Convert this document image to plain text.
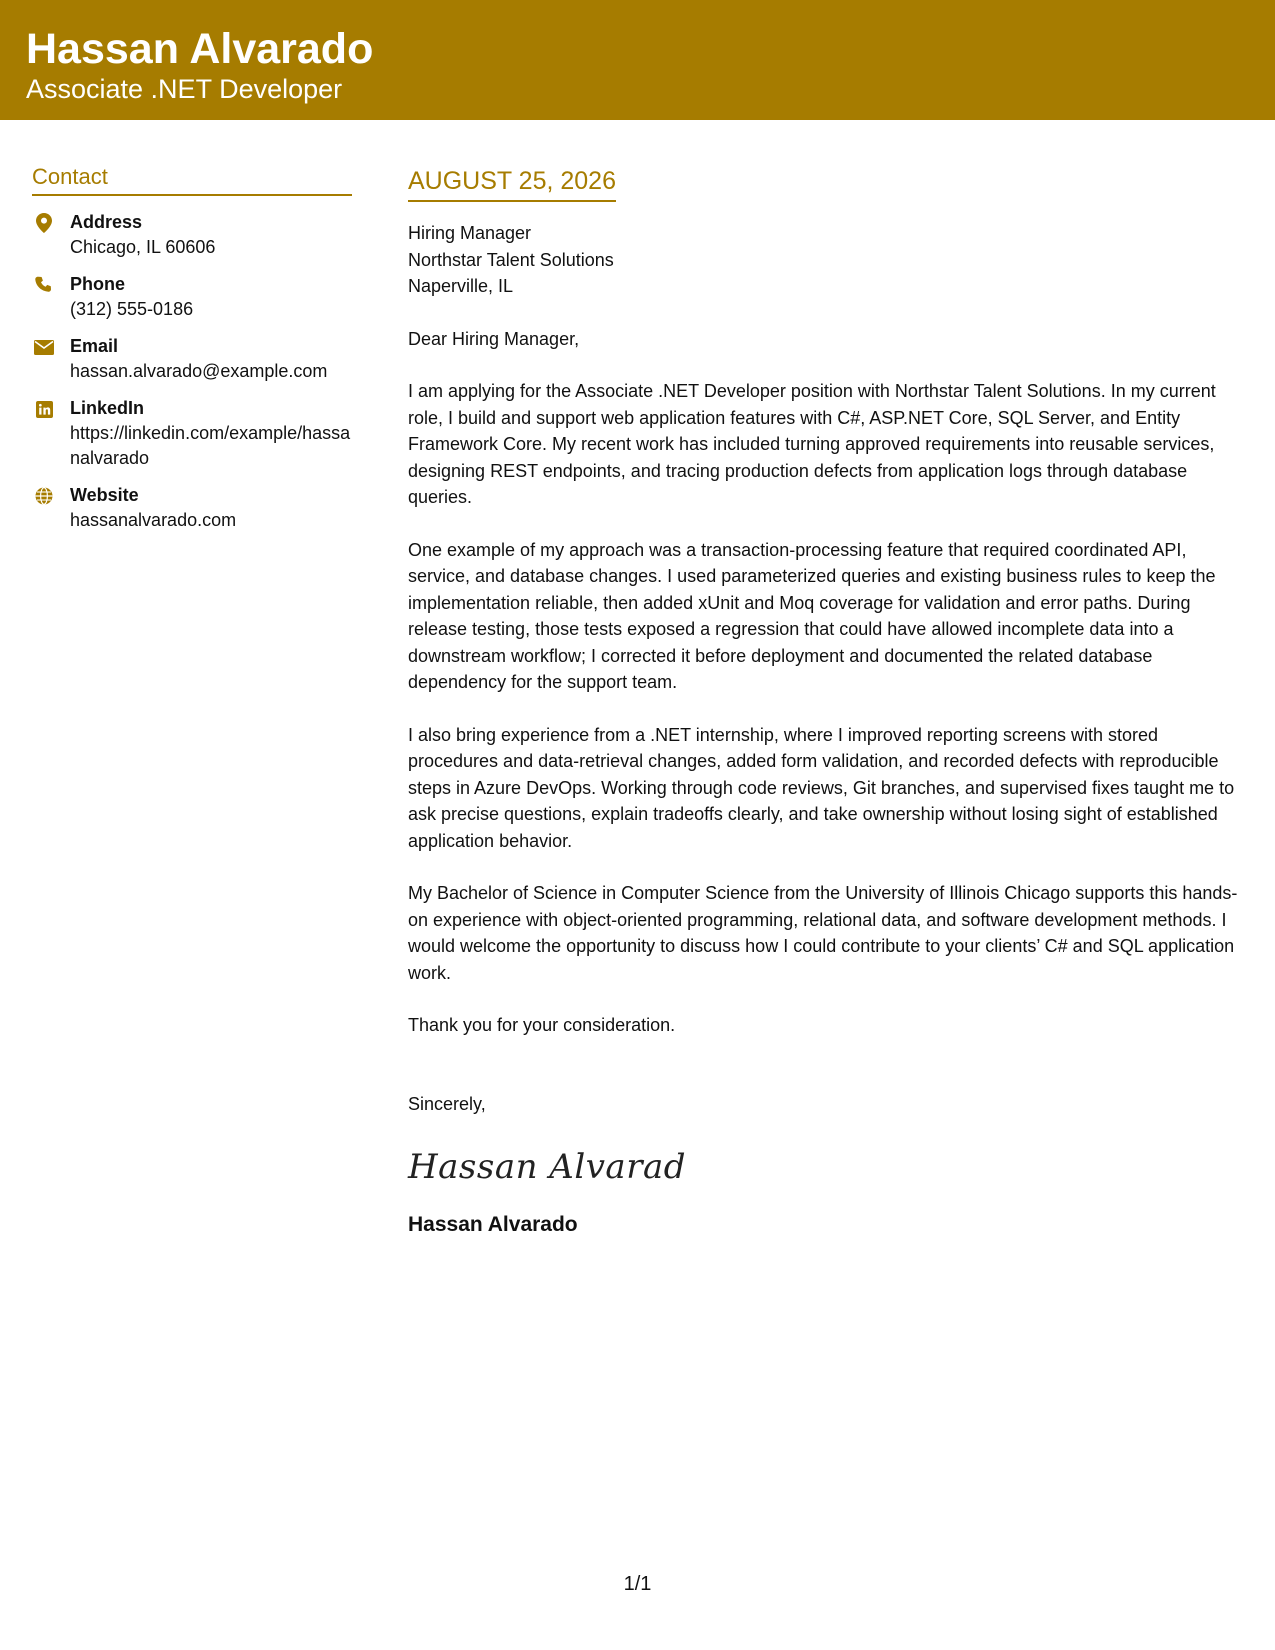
Hassan Alvarado
Associate .NET Developer
Contact
Address
Chicago, IL 60606
Phone
(312) 555-0186
Email
hassan.alvarado@example.com
LinkedIn
https://linkedin.com/example/hassanalvarado
Website
hassanalvarado.com
AUGUST 25, 2026
Hiring Manager
Northstar Talent Solutions
Naperville, IL
Dear Hiring Manager,

I am applying for the Associate .NET Developer position with Northstar Talent Solutions. In my current role, I build and support web application features with C#, ASP.NET Core, SQL Server, and Entity Framework Core. My recent work has included turning approved requirements into reusable services, designing REST endpoints, and tracing production defects from application logs through database queries.

One example of my approach was a transaction-processing feature that required coordinated API, service, and database changes. I used parameterized queries and existing business rules to keep the implementation reliable, then added xUnit and Moq coverage for validation and error paths. During release testing, those tests exposed a regression that could have allowed incomplete data into a downstream workflow; I corrected it before deployment and documented the related database dependency for the support team.

I also bring experience from a .NET internship, where I improved reporting screens with stored procedures and data-retrieval changes, added form validation, and recorded defects with reproducible steps in Azure DevOps. Working through code reviews, Git branches, and supervised fixes taught me to ask precise questions, explain tradeoffs clearly, and take ownership without losing sight of established application behavior.

My Bachelor of Science in Computer Science from the University of Illinois Chicago supports this hands-on experience with object-oriented programming, relational data, and software development methods. I would welcome the opportunity to discuss how I could contribute to your clients’ C# and SQL application work.

Thank you for your consideration.
Sincerely,
Hassan Alvarad
Hassan Alvarado
1/1
